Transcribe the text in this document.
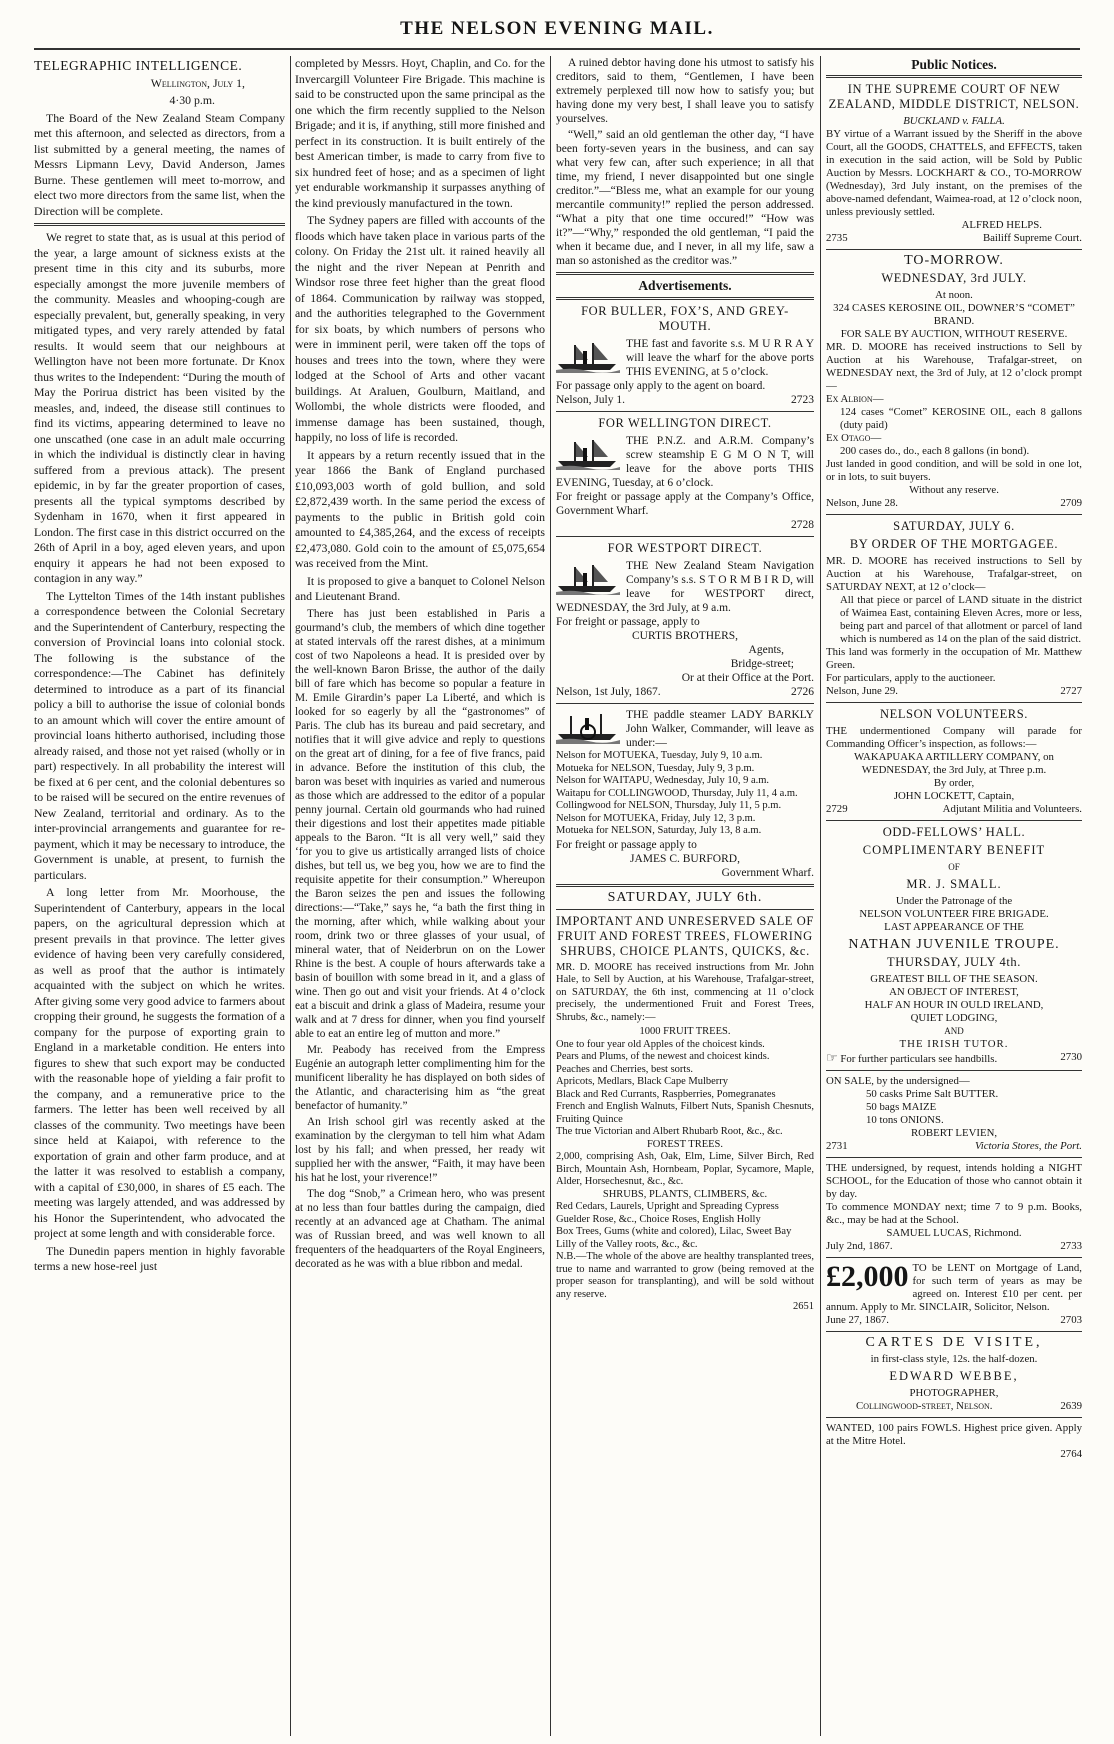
THE NELSON EVENING MAIL.
TELEGRAPHIC INTELLIGENCE.
Wellington, July 1,
4·30 p.m.

The Board of the New Zealand Steam Company met this afternoon, and selected as directors, from a list submitted by a general meeting, the names of Messrs Lipmann Levy, David Anderson, James Burne. These gentlemen will meet to-morrow, and elect two more directors from the same list, when the Direction will be complete.

We regret to state that, as is usual at this period of the year, a large amount of sickness exists at the present time in this city and its suburbs, more especially amongst the more juvenile members of the community. Measles and whooping-cough are especially prevalent, but, generally speaking, in very mitigated types, and very rarely attended by fatal results. It would seem that our neighbours at Wellington have not been more fortunate. Dr Knox thus writes to the Independent: “During the mouth of May the Porirua district has been visited by the measles, and, indeed, the disease still continues to find its victims, appearing determined to leave no one unscathed (one case in an adult male occurring in which the individual is distinctly clear in having suffered from a previous attack). The present epidemic, in by far the greater proportion of cases, presents all the typical symptoms described by Sydenham in 1670, when it first appeared in London. The first case in this district occurred on the 26th of April in a boy, aged eleven years, and upon enquiry it appears he had not been exposed to contagion in any way.”

The Lyttelton Times of the 14th instant publishes a correspondence between the Colonial Secretary and the Superintendent of Canterbury, respecting the conversion of Provincial loans into colonial stock. The following is the substance of the correspondence:—The Cabinet has definitely determined to introduce as a part of its financial policy a bill to authorise the issue of colonial bonds to an amount which will cover the entire amount of provincial loans hitherto authorised, including those already raised, and those not yet raised (wholly or in part) respectively. In all probability the interest will be fixed at 6 per cent, and the colonial debentures so to be raised will be secured on the entire revenues of New Zealand, territorial and ordinary. As to the inter-provincial arrangements and guarantee for re-payment, which it may be necessary to introduce, the Government is unable, at present, to furnish the particulars.

A long letter from Mr. Moorhouse, the Superintendent of Canterbury, appears in the local papers, on the agricultural depression which at present prevails in that province. The letter gives evidence of having been very carefully considered, as well as proof that the author is intimately acquainted with the subject on which he writes. After giving some very good advice to farmers about cropping their ground, he suggests the formation of a company for the purpose of exporting grain to England in a marketable condition. He enters into figures to shew that such export may be conducted with the reasonable hope of yielding a fair profit to the company, and a remunerative price to the farmers. The letter has been well received by all classes of the community. Two meetings have been since held at Kaiapoi, with reference to the exportation of grain and other farm produce, and at the latter it was resolved to establish a company, with a capital of £30,000, in shares of £5 each. The meeting was largely attended, and was addressed by his Honor the Superintendent, who advocated the project at some length and with considerable force.

The Dunedin papers mention in highly favorable terms a new hose-reel just

completed by Messrs. Hoyt, Chaplin, and Co. for the Invercargill Volunteer Fire Brigade. This machine is said to be constructed upon the same principal as the one which the firm recently supplied to the Nelson Brigade; and it is, if anything, still more finished and perfect in its construction. It is built entirely of the best American timber, is made to carry from five to six hundred feet of hose; and as a specimen of light yet endurable workmanship it surpasses anything of the kind previously manufactured in the town.

The Sydney papers are filled with accounts of the floods which have taken place in various parts of the colony. On Friday the 21st ult. it rained heavily all the night and the river Nepean at Penrith and Windsor rose three feet higher than the great flood of 1864. Communication by railway was stopped, and the authorities telegraphed to the Government for six boats, by which numbers of persons who were in imminent peril, were taken off the tops of houses and trees into the town, where they were lodged at the School of Arts and other vacant buildings. At Araluen, Goulburn, Maitland, and Wollombi, the whole districts were flooded, and immense damage has been sustained, though, happily, no loss of life is recorded.

It appears by a return recently issued that in the year 1866 the Bank of England purchased £10,093,003 worth of gold bullion, and sold £2,872,439 worth. In the same period the excess of payments to the public in British gold coin amounted to £4,385,264, and the excess of receipts £2,473,080. Gold coin to the amount of £5,075,654 was received from the Mint.

It is proposed to give a banquet to Colonel Nelson and Lieutenant Brand.

There has just been established in Paris a gourmand’s club, the members of which dine together at stated intervals off the rarest dishes, at a minimum cost of two Napoleons a head. It is presided over by the well-known Baron Brisse, the author of the daily bill of fare which has become so popular a feature in M. Emile Girardin’s paper La Liberté, and which is looked for so eagerly by all the “gastronomes” of Paris. The club has its bureau and paid secretary, and notifies that it will give advice and reply to questions on the great art of dining, for a fee of five francs, paid in advance. Before the institution of this club, the baron was beset with inquiries as varied and numerous as those which are addressed to the editor of a popular penny journal. Certain old gourmands who had ruined their digestions and lost their appetites made pitiable appeals to the Baron. “It is all very well,” said they ‘for you to give us artistically arranged lists of choice dishes, but tell us, we beg you, how we are to find the requisite appetite for their consumption.” Whereupon the Baron seizes the pen and issues the following directions:—“Take,” says he, “a bath the first thing in the morning, after which, while walking about your room, drink two or three glasses of your usual, of mineral water, that of Neiderbrun on on the Lower Rhine is the best. A couple of hours afterwards take a basin of bouillon with some bread in it, and a glass of wine. Then go out and visit your friends. At 4 o’clock eat a biscuit and drink a glass of Madeira, resume your walk and at 7 dress for dinner, when you find yourself able to eat an entire leg of mutton and more.”

Mr. Peabody has received from the Empress Eugénie an autograph letter complimenting him for the munificent liberality he has displayed on both sides of the Atlantic, and characterising him as “the great benefactor of humanity.”

An Irish school girl was recently asked at the examination by the clergyman to tell him what Adam lost by his fall; and when pressed, her ready wit supplied her with the answer, “Faith, it may have been his hat he lost, your riverence!”

The dog “Snob,” a Crimean hero, who was present at no less than four battles during the campaign, died recently at an advanced age at Chatham. The animal was of Russian breed, and was well known to all frequenters of the headquarters of the Royal Engineers, decorated as he was with a blue ribbon and medal.

A ruined debtor having done his utmost to satisfy his creditors, said to them, “Gentlemen, I have been extremely perplexed till now how to satisfy you; but having done my very best, I shall leave you to satisfy yourselves.

“Well,” said an old gentleman the other day, “I have been forty-seven years in the business, and can say what very few can, after such experience; in all that time, my friend, I never disappointed but one single creditor.”—“Bless me, what an example for our young mercantile community!” replied the person addressed. “What a pity that one time occured!” “How was it?”—“Why,” responded the old gentleman, “I paid the when it became due, and I never, in all my life, saw a man so astonished as the creditor was.”

Advertisements.
FOR BULLER, FOX’S, AND GREY-MOUTH.
THE fast and favorite s.s. M U R R A Y will leave the wharf for the above ports THIS EVENING, at 5 o’clock.
For passage only apply to the agent on board.
Nelson, July 1.	2723
FOR WELLINGTON DIRECT.
THE P.N.Z. and A.R.M. Company’s screw steamship E G M O N T, will leave for the above ports THIS EVENING, Tuesday, at 6 o’clock.
For freight or passage apply at the Company’s Office, Government Wharf.
2728
FOR WESTPORT DIRECT.
THE New Zealand Steam Navigation Company’s s.s. S T O R M B I R D, will leave for WESTPORT direct, WEDNESDAY, the 3rd July, at 9 a.m.
For freight or passage, apply to
CURTIS BROTHERS,
Agents,
Bridge-street;
Or at their Office at the Port.
Nelson, 1st July, 1867.	2726
THE paddle steamer LADY BARKLY John Walker, Commander, will leave as under:—
Nelson for MOTUEKA, Tuesday, July 9, 10 a.m.
Motueka for NELSON, Tuesday, July 9, 3 p.m.
Nelson for WAITAPU, Wednesday, July 10, 9 a.m.
Waitapu for COLLINGWOOD, Thursday, July 11, 4 a.m.
Collingwood for NELSON, Thursday, July 11, 5 p.m.
Nelson for MOTUEKA, Friday, July 12, 3 p.m.
Motueka for NELSON, Saturday, July 13, 8 a.m.
For freight or passage apply to
JAMES C. BURFORD,
Government Wharf.
SATURDAY, JULY 6th.
IMPORTANT AND UNRESERVED SALE OF FRUIT AND FOREST TREES, FLOWERING SHRUBS, CHOICE PLANTS, QUICKS, &c.

MR. D. MOORE has received instructions from Mr. John Hale, to Sell by Auction, at his Warehouse, Trafalgar-street, on SATURDAY, the 6th inst, commencing at 11 o’clock precisely, the undermentioned Fruit and Forest Trees, Shrubs, &c., namely:—

1000 FRUIT TREES.
One to four year old Apples of the choicest kinds.
Pears and Plums, of the newest and choicest kinds.
Peaches and Cherries, best sorts.
Apricots, Medlars, Black Cape Mulberry
Black and Red Currants, Raspberries, Pomegranates
French and English Walnuts, Filbert Nuts, Spanish Chesnuts, Fruiting Quince
The true Victorian and Albert Rhubarb Root, &c., &c.
FOREST TREES.
2,000, comprising Ash, Oak, Elm, Lime, Silver Birch, Red Birch, Mountain Ash, Hornbeam, Poplar, Sycamore, Maple, Alder, Horsechesnut, &c., &c.
SHRUBS, PLANTS, CLIMBERS, &c.
Red Cedars, Laurels, Upright and Spreading Cypress
Guelder Rose, &c., Choice Roses, English Holly
Box Trees, Gums (white and colored), Lilac, Sweet Bay
Lilly of the Valley roots, &c., &c.
N.B.—The whole of the above are healthy transplanted trees, true to name and warranted to grow (being removed at the proper season for transplanting), and will be sold without any reserve.
2651
Public Notices.
IN THE SUPREME COURT OF NEW ZEALAND, MIDDLE DISTRICT, NELSON.
BUCKLAND v. FALLA.
BY virtue of a Warrant issued by the Sheriff in the above Court, all the GOODS, CHATTELS, and EFFECTS, taken in execution in the said action, will be Sold by Public Auction by Messrs. LOCKHART & CO., TO-MORROW (Wednesday), 3rd July instant, on the premises of the above-named defendant, Waimea-road, at 12 o’clock noon, unless previously settled.
ALFRED HELPS.
2735	Bailiff Supreme Court.
TO-MORROW.
WEDNESDAY, 3rd JULY.
At noon.
324 CASES KEROSINE OIL, DOWNER’S “COMET” BRAND.
FOR SALE BY AUCTION, WITHOUT RESERVE.
MR. D. MOORE has received instructions to Sell by Auction at his Warehouse, Trafalgar-street, on WEDNESDAY next, the 3rd of July, at 12 o’clock prompt—
Ex Albion—
124 cases “Comet” KEROSINE OIL, each 8 gallons (duty paid)
Ex Otago—
200 cases do., do., each 8 gallons (in bond).
Just landed in good condition, and will be sold in one lot, or in lots, to suit buyers.
Without any reserve.
Nelson, June 28.	2709
SATURDAY, JULY 6.
BY ORDER OF THE MORTGAGEE.
MR. D. MOORE has received instructions to Sell by Auction at his Warehouse, Trafalgar-street, on SATURDAY NEXT, at 12 o’clock—
All that piece or parcel of LAND situate in the district of Waimea East, containing Eleven Acres, more or less, being part and parcel of that allotment or parcel of land which is numbered as 14 on the plan of the said district.
This land was formerly in the occupation of Mr. Matthew Green.
For particulars, apply to the auctioneer.
Nelson, June 29.	2727
NELSON VOLUNTEERS.
THE undermentioned Company will parade for Commanding Officer’s inspection, as follows:—
WAKAPUAKA ARTILLERY COMPANY, on WEDNESDAY, the 3rd July, at Three p.m.
By order,
JOHN LOCKETT, Captain,
2729	Adjutant Militia and Volunteers.
ODD-FELLOWS’ HALL.
COMPLIMENTARY BENEFIT
OF
MR. J. SMALL.
Under the Patronage of the
NELSON VOLUNTEER FIRE BRIGADE.
LAST APPEARANCE OF THE
NATHAN JUVENILE TROUPE.
THURSDAY, JULY 4th.
GREATEST BILL OF THE SEASON.
AN OBJECT OF INTEREST,
HALF AN HOUR IN OULD IRELAND,
QUIET LODGING,
AND
THE IRISH TUTOR.
☞ For further particulars see handbills.	2730
ON SALE, by the undersigned—
50 casks Prime Salt BUTTER.
50 bags MAIZE
10 tons ONIONS.
ROBERT LEVIEN,
2731	Victoria Stores, the Port.
THE undersigned, by request, intends holding a NIGHT SCHOOL, for the Education of those who cannot obtain it by day.
To commence MONDAY next; time 7 to 9 p.m. Books, &c., may be had at the School.
SAMUEL LUCAS, Richmond.
July 2nd, 1867.	2733
£2,000 TO be LENT on Mortgage of Land, for such term of years as may be agreed on. Interest £10 per cent. per annum. Apply to Mr. SINCLAIR, Solicitor, Nelson.
June 27, 1867.	2703
CARTES DE VISITE,
in first-class style, 12s. the half-dozen.
EDWARD WEBBE,
PHOTOGRAPHER,
Collingwood-street, Nelson.	2639
WANTED, 100 pairs FOWLS. Highest price given. Apply at the Mitre Hotel.
2764
